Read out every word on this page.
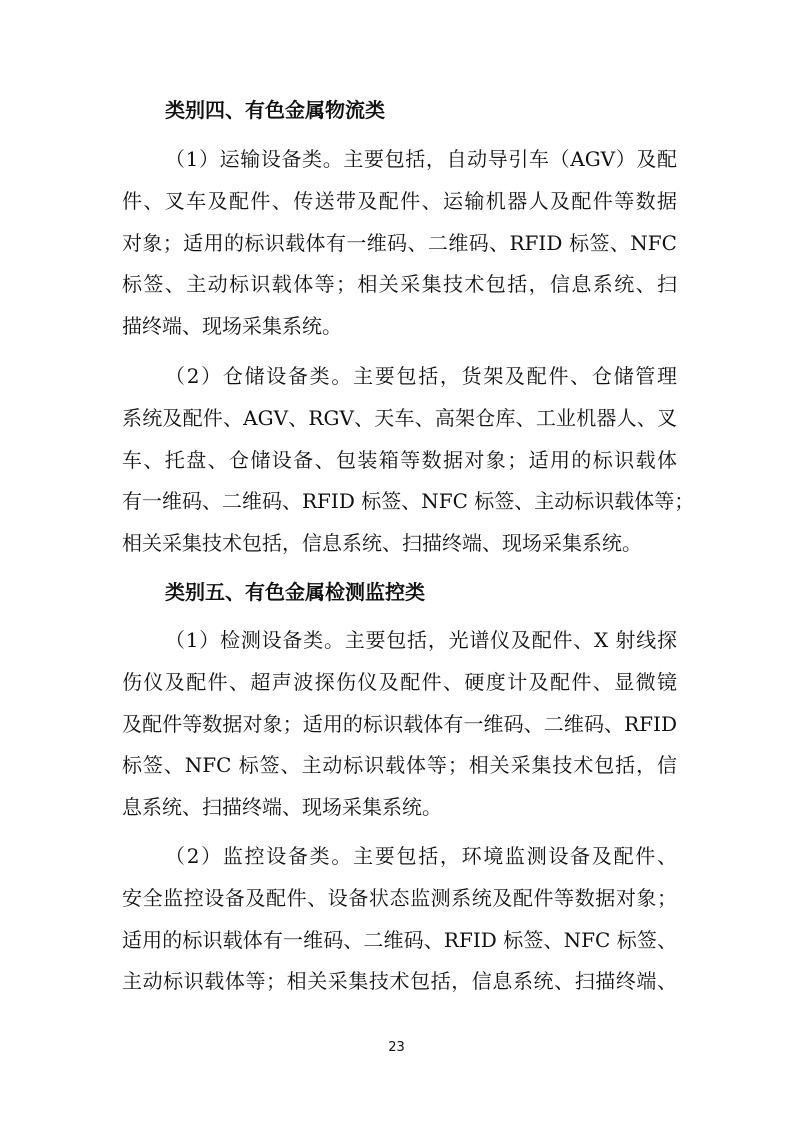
类别四、有色金属物流类
（1）运输设备类。主要包括，自动导引车（AGV）及配
件、叉车及配件、传送带及配件、运输机器人及配件等数据
对象；适用的标识载体有一维码、二维码、RFID 标签、NFC
标签、主动标识载体等；相关采集技术包括，信息系统、扫
描终端、现场采集系统。
（2）仓储设备类。主要包括，货架及配件、仓储管理
系统及配件、AGV、RGV、天车、高架仓库、工业机器人、叉
车、托盘、仓储设备、包装箱等数据对象；适用的标识载体
有一维码、二维码、RFID 标签、NFC 标签、主动标识载体等；
相关采集技术包括，信息系统、扫描终端、现场采集系统。
类别五、有色金属检测监控类
（1）检测设备类。主要包括，光谱仪及配件、X 射线探
伤仪及配件、超声波探伤仪及配件、硬度计及配件、显微镜
及配件等数据对象；适用的标识载体有一维码、二维码、RFID
标签、NFC 标签、主动标识载体等；相关采集技术包括，信
息系统、扫描终端、现场采集系统。
（2）监控设备类。主要包括，环境监测设备及配件、
安全监控设备及配件、设备状态监测系统及配件等数据对象；
适用的标识载体有一维码、二维码、RFID 标签、NFC 标签、
主动标识载体等；相关采集技术包括，信息系统、扫描终端、
23
